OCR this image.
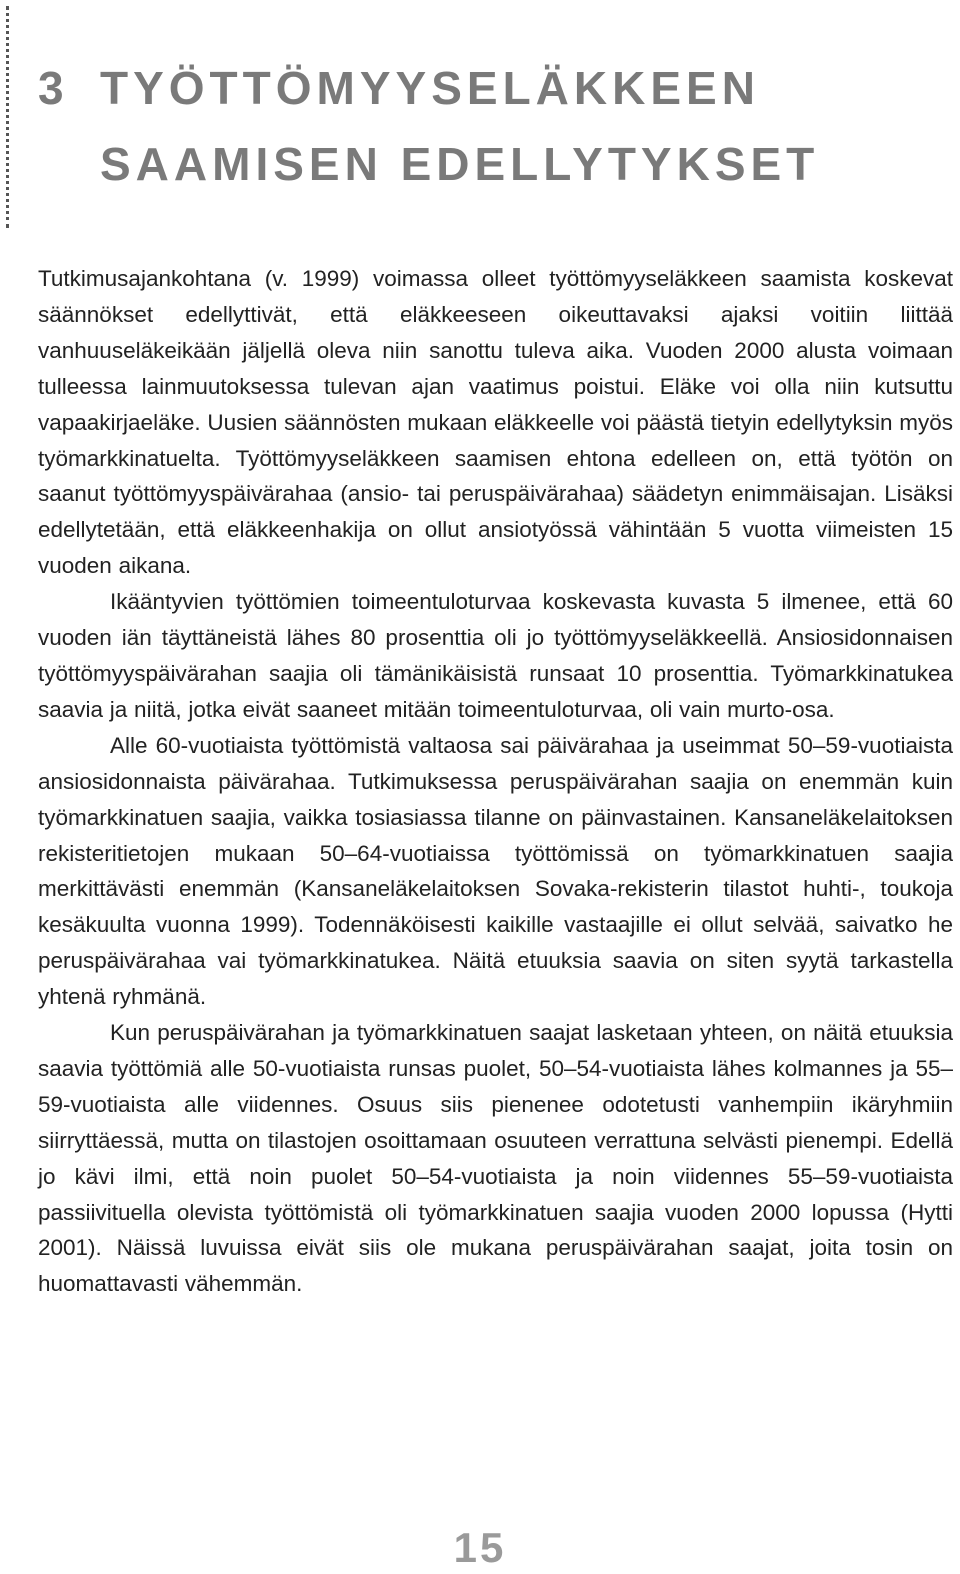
3 TYÖTTÖMYYSELÄKKEEN
SAAMISEN EDELLYTYKSET

Tutkimusajankohtana (v. 1999) voimassa olleet työttömyyseläkkeen saamista koskevat säännökset edellyttivät, että eläkkeeseen oikeuttavaksi ajaksi voitiin liittää vanhuuseläkeikään jäljellä oleva niin sanottu tuleva aika. Vuoden 2000 alusta voimaan tulleessa lainmuutoksessa tulevan ajan vaatimus poistui. Eläke voi olla niin kutsuttu vapaakirjaeläke. Uusien säännösten mukaan eläkkeelle voi päästä tietyin edellytyksin myös työmarkkinatuelta. Työttömyyseläkkeen saamisen ehtona edelleen on, että työtön on saanut työttömyyspäivärahaa (ansio- tai peruspäivärahaa) säädetyn enimmäisajan. Lisäksi edellytetään, että eläkkeenhakija on ollut ansiotyössä vähintään 5 vuotta viimeisten 15 vuoden aikana.

Ikääntyvien työttömien toimeentuloturvaa koskevasta kuvasta 5 ilmenee, että 60 vuoden iän täyttäneistä lähes 80 prosenttia oli jo työttömyyseläkkeellä. Ansiosidonnaisen työttömyyspäivärahan saajia oli tämänikäisistä runsaat 10 prosenttia. Työmarkkinatukea saavia ja niitä, jotka eivät saaneet mitään toimeentuloturvaa, oli vain murto-osa.

Alle 60-vuotiaista työttömistä valtaosa sai päivärahaa ja useimmat 50–59-vuotiaista ansiosidonnaista päivärahaa. Tutkimuksessa peruspäivärahan saajia on enemmän kuin työmarkkinatuen saajia, vaikka tosiasiassa tilanne on päinvastainen. Kansaneläkelaitoksen rekisteritietojen mukaan 50–64-vuotiaissa työttömissä on työmarkkinatuen saajia merkittävästi enemmän (Kansaneläkelaitoksen Sovaka-rekisterin tilastot huhti-, toukoja kesäkuulta vuonna 1999). Todennäköisesti kaikille vastaajille ei ollut selvää, saivatko he peruspäivärahaa vai työmarkkinatukea. Näitä etuuksia saavia on siten syytä tarkastella yhtenä ryhmänä.

Kun peruspäivärahan ja työmarkkinatuen saajat lasketaan yhteen, on näitä etuuksia saavia työttömiä alle 50-vuotiaista runsas puolet, 50–54-vuotiaista lähes kolmannes ja 55–59-vuotiaista alle viidennes. Osuus siis pienenee odotetusti vanhempiin ikäryhmiin siirryttäessä, mutta on tilastojen osoittamaan osuuteen verrattuna selvästi pienempi. Edellä jo kävi ilmi, että noin puolet 50–54-vuotiaista ja noin viidennes 55–59-vuotiaista passiivituella olevista työttömistä oli työmarkkinatuen saajia vuoden 2000 lopussa (Hytti 2001). Näissä luvuissa eivät siis ole mukana peruspäivärahan saajat, joita tosin on huomattavasti vähemmän.

15
